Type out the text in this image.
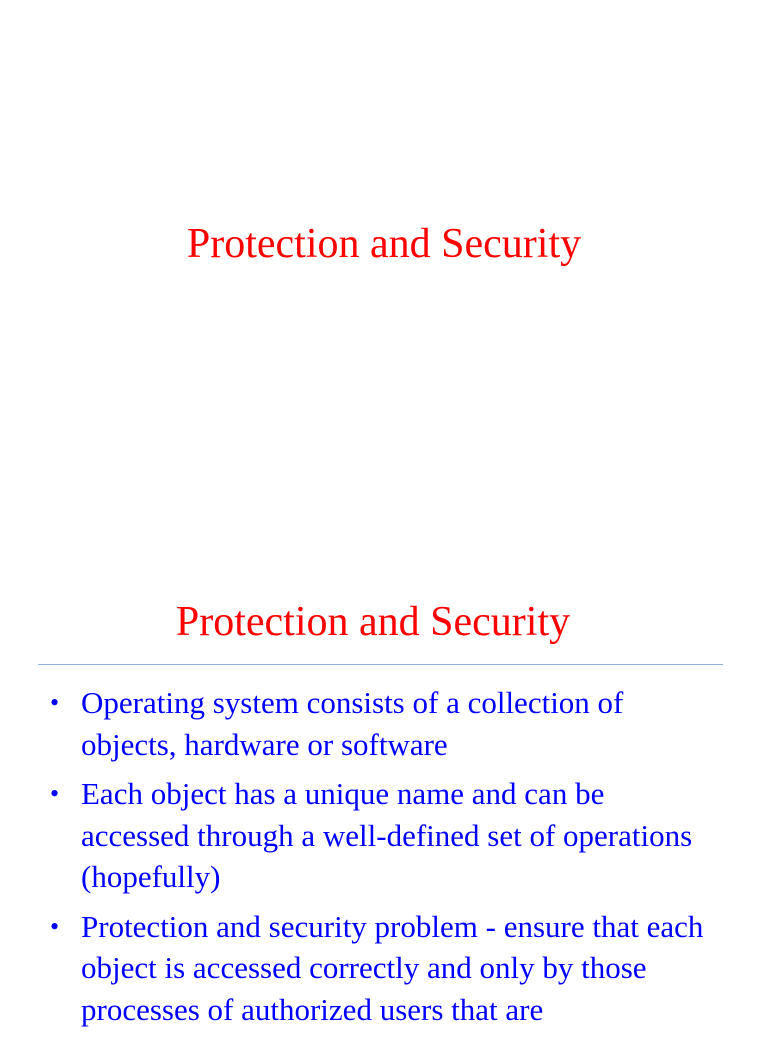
Protection and Security
Protection and Security
• Operating system consists of a collection of objects, hardware or software
• Each object has a unique name and can be accessed through a well-defined set of operations (hopefully)
• Protection and security problem - ensure that each object is accessed correctly and only by those processes of authorized users that are
